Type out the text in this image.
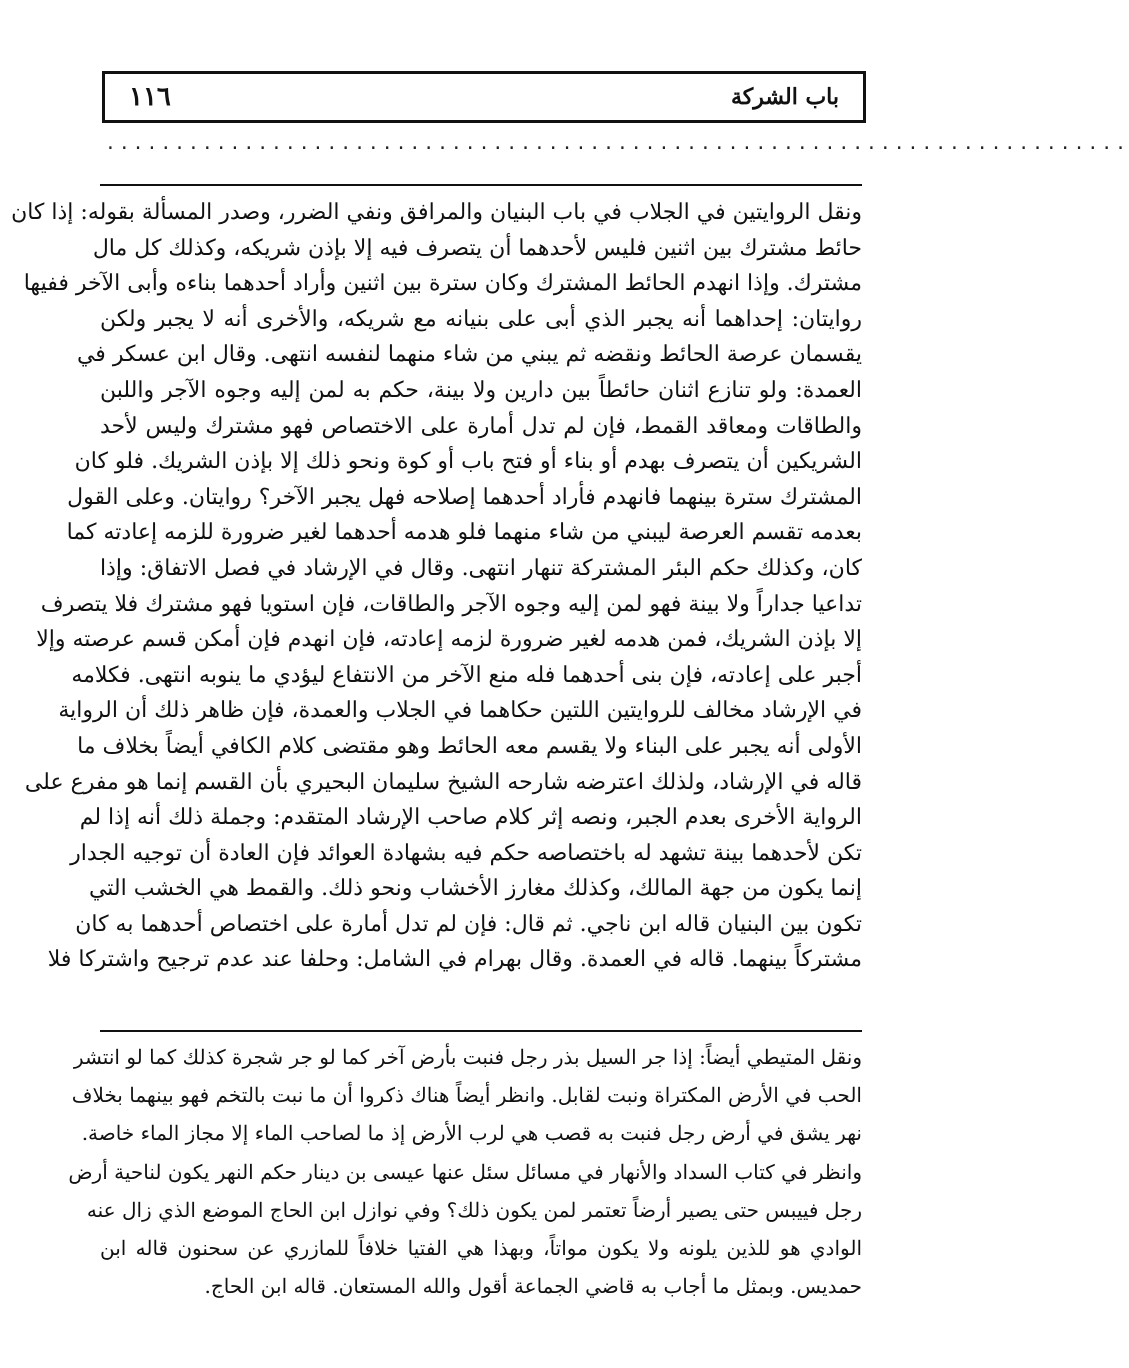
١١٦	باب الشركة
..........................................................................
ونقل الروايتين في الجلاب في باب البنيان والمرافق ونفي الضرر، وصدر المسألة بقوله: إذا كان
حائط مشترك بين اثنين فليس لأحدهما أن يتصرف فيه إلا بإذن شريكه، وكذلك كل مال
مشترك. وإذا انهدم الحائط المشترك وكان سترة بين اثنين وأراد أحدهما بناءه وأبى الآخر ففيها
روايتان: إحداهما أنه يجبر الذي أبى على بنيانه مع شريكه، والأخرى أنه لا يجبر ولكن
يقسمان عرصة الحائط ونقضه ثم يبني من شاء منهما لنفسه انتهى. وقال ابن عسكر في
العمدة: ولو تنازع اثنان حائطاً بين دارين ولا بينة، حكم به لمن إليه وجوه الآجر واللبن
والطاقات ومعاقد القمط، فإن لم تدل أمارة على الاختصاص فهو مشترك وليس لأحد
الشريكين أن يتصرف بهدم أو بناء أو فتح باب أو كوة ونحو ذلك إلا بإذن الشريك. فلو كان
المشترك سترة بينهما فانهدم فأراد أحدهما إصلاحه فهل يجبر الآخر؟ روايتان. وعلى القول
بعدمه تقسم العرصة ليبني من شاء منهما فلو هدمه أحدهما لغير ضرورة للزمه إعادته كما
كان، وكذلك حكم البئر المشتركة تنهار انتهى. وقال في الإرشاد في فصل الاتفاق: وإذا
تداعيا جداراً ولا بينة فهو لمن إليه وجوه الآجر والطاقات، فإن استويا فهو مشترك فلا يتصرف
إلا بإذن الشريك، فمن هدمه لغير ضرورة لزمه إعادته، فإن انهدم فإن أمكن قسم عرصته وإلا
أجبر على إعادته، فإن بنى أحدهما فله منع الآخر من الانتفاع ليؤدي ما ينوبه انتهى. فكلامه
في الإرشاد مخالف للروايتين اللتين حكاهما في الجلاب والعمدة، فإن ظاهر ذلك أن الرواية
الأولى أنه يجبر على البناء ولا يقسم معه الحائط وهو مقتضى كلام الكافي أيضاً بخلاف ما
قاله في الإرشاد، ولذلك اعترضه شارحه الشيخ سليمان البحيري بأن القسم إنما هو مفرع على
الرواية الأخرى بعدم الجبر، ونصه إثر كلام صاحب الإرشاد المتقدم: وجملة ذلك أنه إذا لم
تكن لأحدهما بينة تشهد له باختصاصه حكم فيه بشهادة العوائد فإن العادة أن توجيه الجدار
إنما يكون من جهة المالك، وكذلك مغارز الأخشاب ونحو ذلك. والقمط هي الخشب التي
تكون بين البنيان قاله ابن ناجي. ثم قال: فإن لم تدل أمارة على اختصاص أحدهما به كان
مشتركاً بينهما. قاله في العمدة. وقال بهرام في الشامل: وحلفا عند عدم ترجيح واشتركا فلا
ونقل المتيطي أيضاً: إذا جر السيل بذر رجل فنبت بأرض آخر كما لو جر شجرة كذلك كما لو انتشر
الحب في الأرض المكتراة ونبت لقابل. وانظر أيضاً هناك ذكروا أن ما نبت بالتخم فهو بينهما بخلاف
نهر يشق في أرض رجل فنبت به قصب هي لرب الأرض إذ ما لصاحب الماء إلا مجاز الماء خاصة.
وانظر في كتاب السداد والأنهار في مسائل سئل عنها عيسى بن دينار حكم النهر يكون لناحية أرض
رجل فييبس حتى يصير أرضاً تعتمر لمن يكون ذلك؟ وفي نوازل ابن الحاج الموضع الذي زال عنه
الوادي هو للذين يلونه ولا يكون مواتاً، وبهذا هي الفتيا خلافاً للمازري عن سحنون قاله ابن
حمديس. وبمثل ما أجاب به قاضي الجماعة أقول والله المستعان. قاله ابن الحاج.
